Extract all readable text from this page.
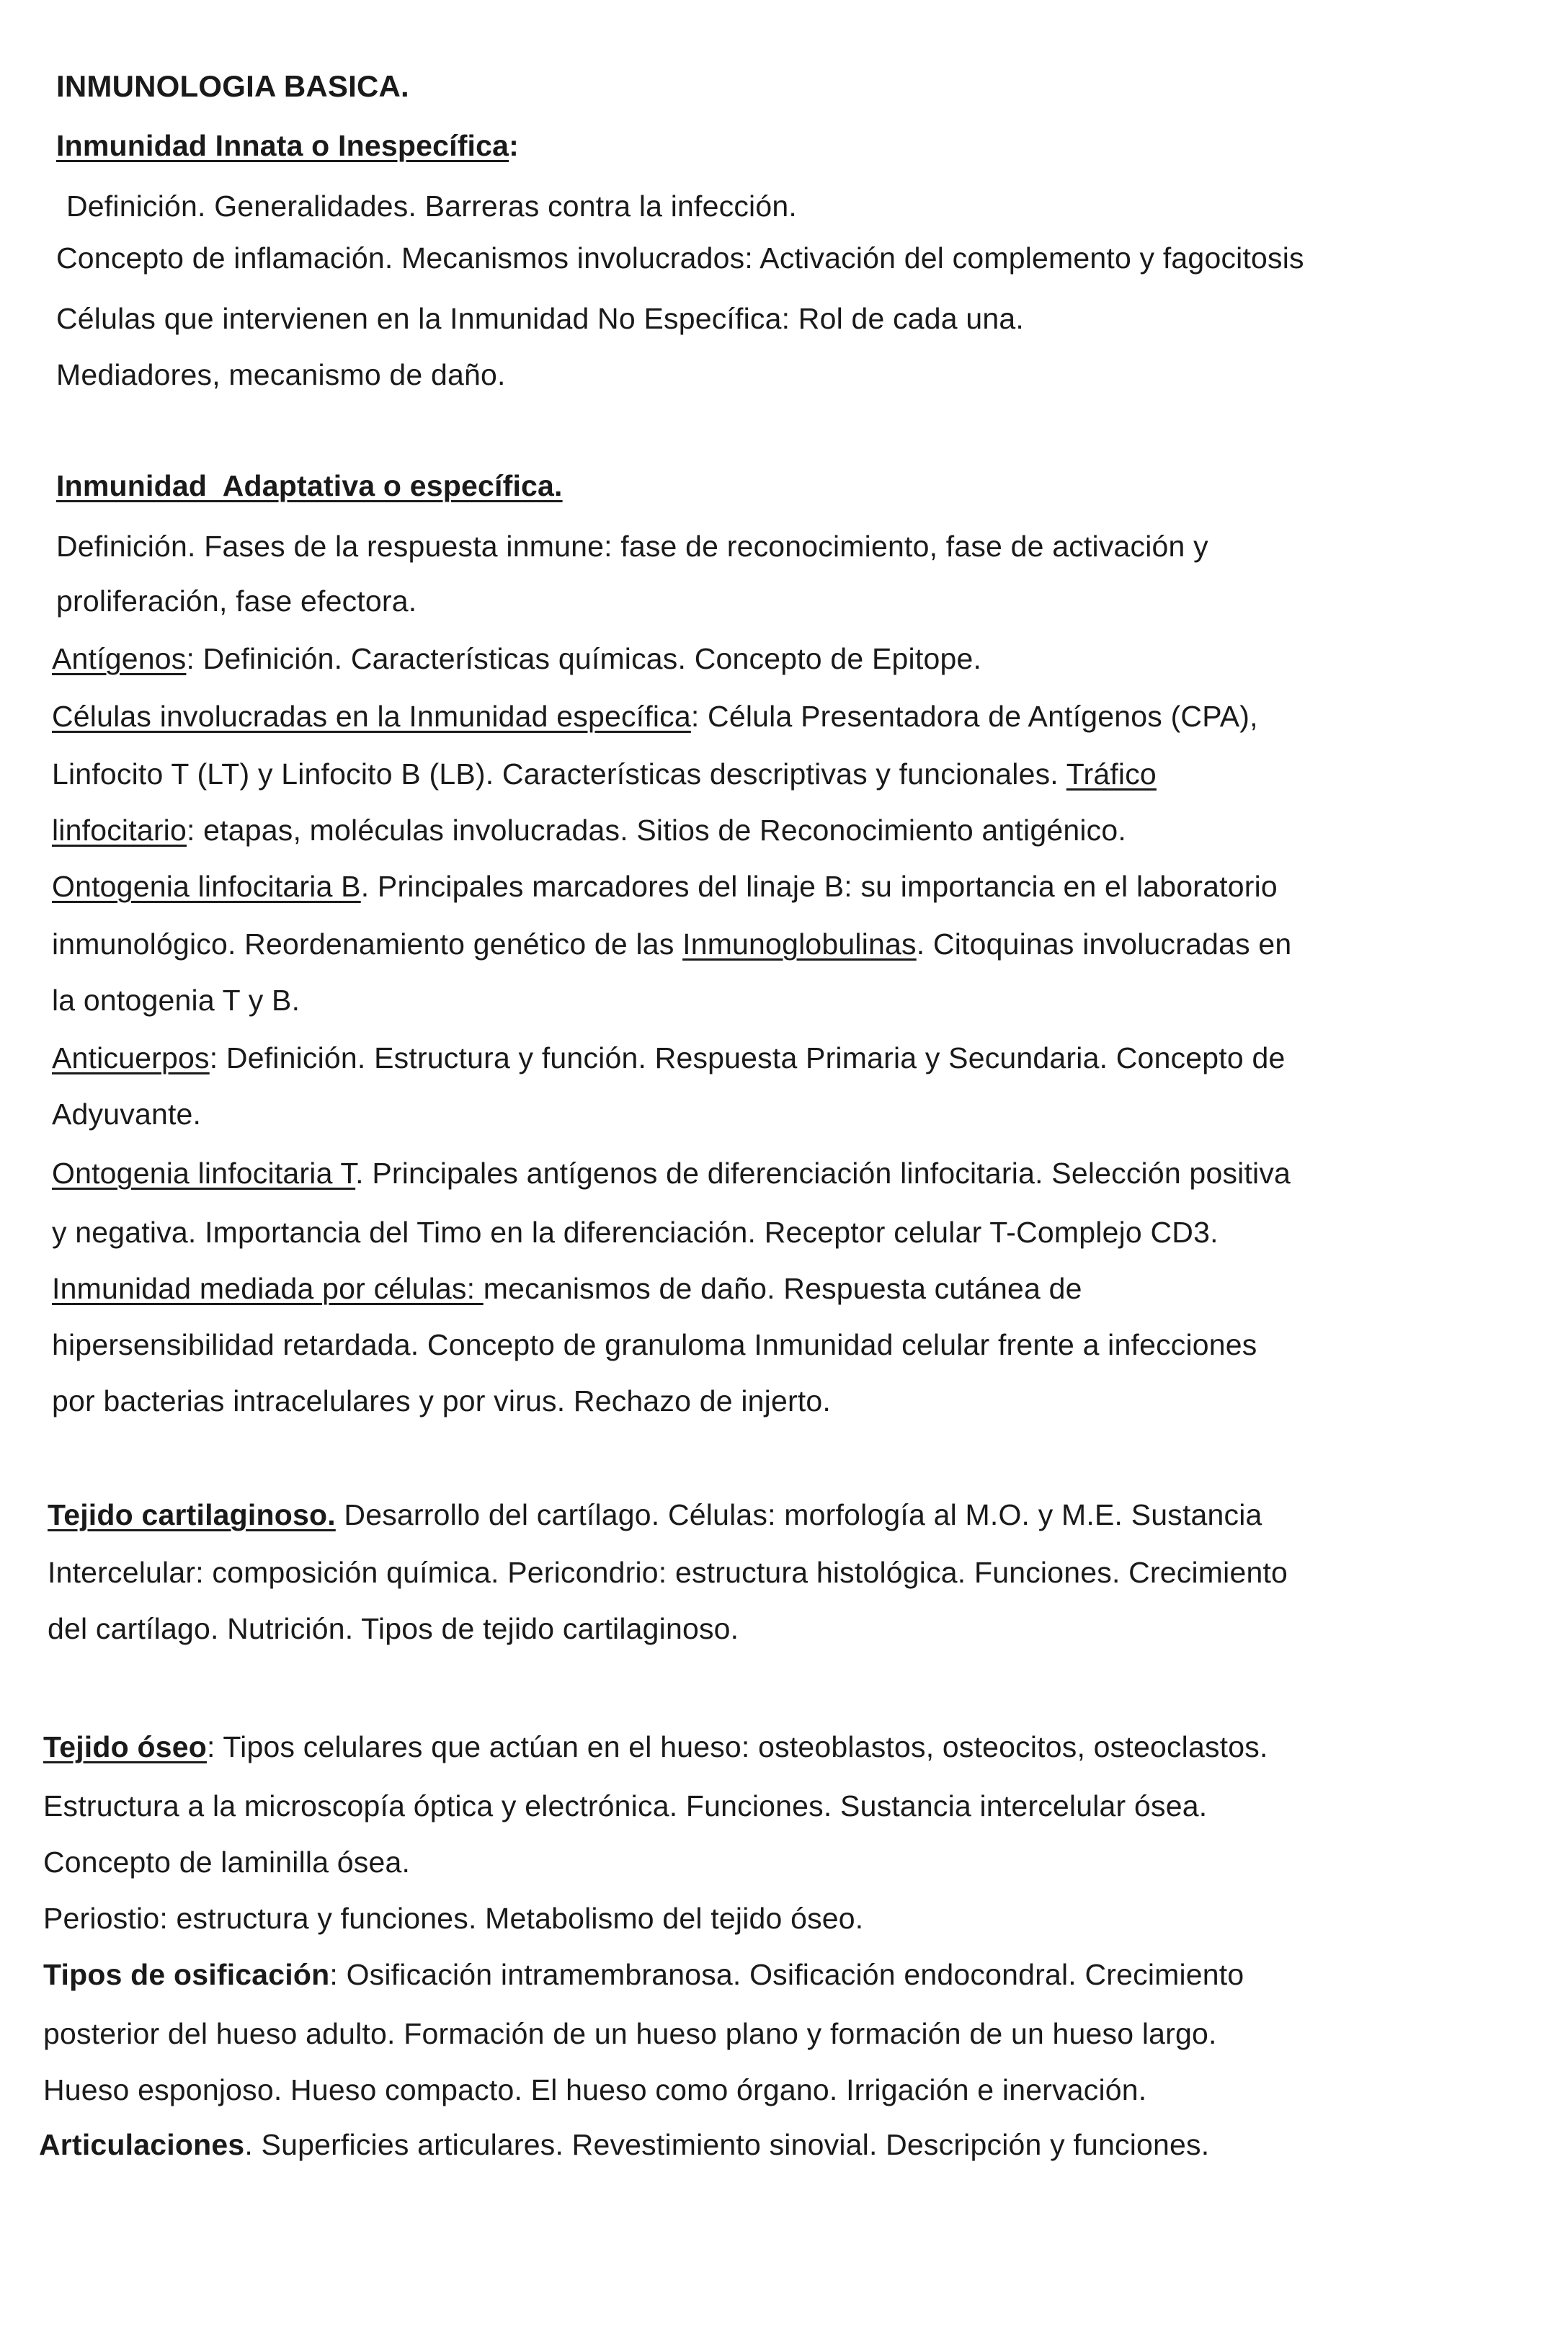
INMUNOLOGIA BASICA.
Inmunidad Innata o Inespecífica:
Definición. Generalidades. Barreras contra la infección.
Concepto de inflamación. Mecanismos involucrados: Activación del complemento y fagocitosis
Células que intervienen en la Inmunidad No Específica: Rol de cada una.
Mediadores, mecanismo de daño.
Inmunidad  Adaptativa o específica.
Definición. Fases de la respuesta inmune: fase de reconocimiento, fase de activación y
proliferación, fase efectora.
Antígenos: Definición. Características químicas. Concepto de Epitope.
Células involucradas en la Inmunidad específica: Célula Presentadora de Antígenos (CPA),
Linfocito T (LT) y Linfocito B (LB). Características descriptivas y funcionales. Tráfico
linfocitario: etapas, moléculas involucradas. Sitios de Reconocimiento antigénico.
Ontogenia linfocitaria B. Principales marcadores del linaje B: su importancia en el laboratorio
inmunológico. Reordenamiento genético de las Inmunoglobulinas. Citoquinas involucradas en
la ontogenia T y B.
Anticuerpos: Definición. Estructura y función. Respuesta Primaria y Secundaria. Concepto de
Adyuvante.
Ontogenia linfocitaria T. Principales antígenos de diferenciación linfocitaria. Selección positiva
y negativa. Importancia del Timo en la diferenciación. Receptor celular T-Complejo CD3.
Inmunidad mediada por células: mecanismos de daño. Respuesta cutánea de
hipersensibilidad retardada. Concepto de granuloma Inmunidad celular frente a infecciones
por bacterias intracelulares y por virus. Rechazo de injerto.
Tejido cartilaginoso. Desarrollo del cartílago. Células: morfología al M.O. y M.E. Sustancia
Intercelular: composición química. Pericondrio: estructura histológica. Funciones. Crecimiento
del cartílago. Nutrición. Tipos de tejido cartilaginoso.
Tejido óseo: Tipos celulares que actúan en el hueso: osteoblastos, osteocitos, osteoclastos.
Estructura a la microscopía óptica y electrónica. Funciones. Sustancia intercelular ósea.
Concepto de laminilla ósea.
Periostio: estructura y funciones. Metabolismo del tejido óseo.
Tipos de osificación: Osificación intramembranosa. Osificación endocondral. Crecimiento
posterior del hueso adulto. Formación de un hueso plano y formación de un hueso largo.
Hueso esponjoso. Hueso compacto. El hueso como órgano. Irrigación e inervación.
Articulaciones. Superficies articulares. Revestimiento sinovial. Descripción y funciones.
